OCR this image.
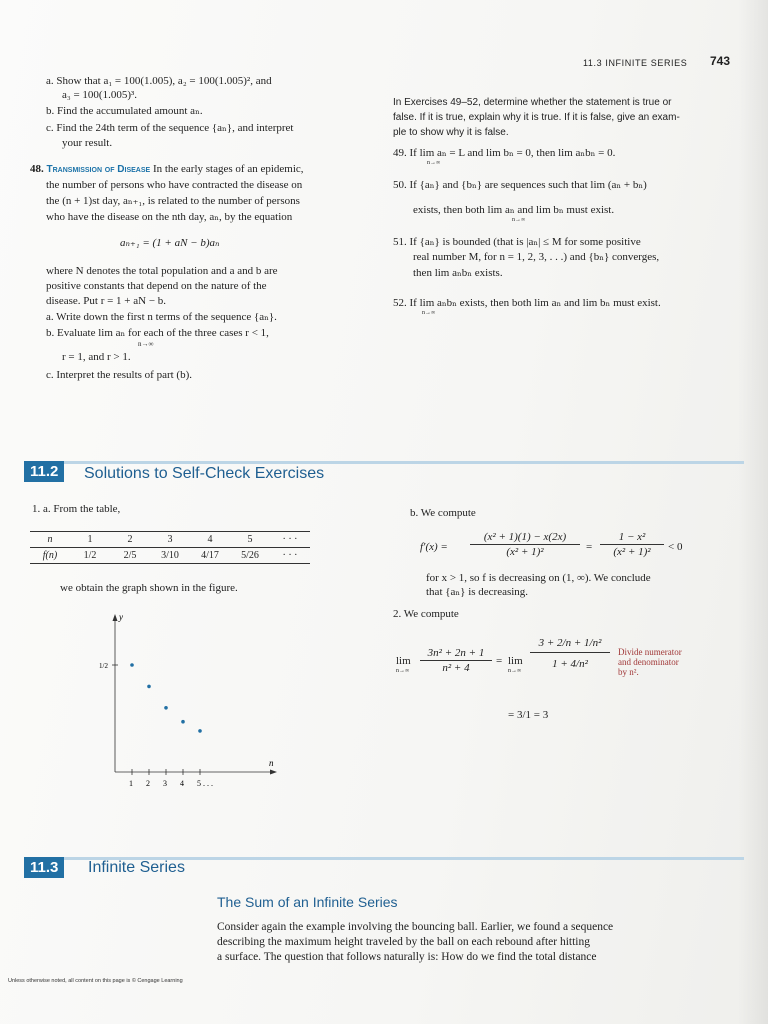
11.3 INFINITE SERIES 743
a. Show that a₁ = 100(1.005), a₂ = 100(1.005)², and
a₃ = 100(1.005)³.
b. Find the accumulated amount aₙ.
c. Find the 24th term of the sequence {aₙ}, and interpret
your result.
48. Transmission of Disease In the early stages of an epidemic,
the number of persons who have contracted the disease on
the (n + 1)st day, aₙ₊₁, is related to the number of persons
who have the disease on the nth day, aₙ, by the equation
aₙ₊₁ = (1 + aN − b)aₙ
where N denotes the total population and a and b are
positive constants that depend on the nature of the
disease. Put r = 1 + aN − b.
a. Write down the first n terms of the sequence {aₙ}.
b. Evaluate lim aₙ for each of the three cases r < 1,
n→∞
r = 1, and r > 1.
c. Interpret the results of part (b).
In Exercises 49–52, determine whether the statement is true or
false. If it is true, explain why it is true. If it is false, give an exam-
ple to show why it is false.
49. If lim aₙ = L and lim bₙ = 0, then lim aₙbₙ = 0.
n→∞
50. If {aₙ} and {bₙ} are sequences such that lim (aₙ + bₙ)
exists, then both lim aₙ and lim bₙ must exist.
n→∞
51. If {aₙ} is bounded (that is |aₙ| ≤ M for some positive
real number M, for n = 1, 2, 3, . . .) and {bₙ} converges,
then lim aₙbₙ exists.
52. If lim aₙbₙ exists, then both lim aₙ and lim bₙ must exist.
n→∞
11.2	Solutions to Self-Check Exercises
1. a. From the table,
n	1	2	3	4	5	· · ·
f(n)	1/2	2/5	3/10	4/17	5/26	· · ·
we obtain the graph shown in the figure.
y
n
1/2
1 2 3 4 5 . . .
b. We compute
f′(x) =
(x² + 1)(1) − x(2x)
(x² + 1)²	=
1 − x²
(x² + 1)²	< 0
for x > 1, so f is decreasing on (1, ∞). We conclude
that {aₙ} is decreasing.
2. We compute
lim
$n\to\infty \frac{\text{3n² + 2n + 1}}{\text{n² + 4}} = \lim$
$n\to\infty \frac{\text{3 + 2/n + 1/n²}}{\text{1 + 4/n²}}$ Divide numerator
and denominator
by n².
= 3/1 = 3
11.3	Infinite Series
The Sum of an Infinite Series
Consider again the example involving the bouncing ball. Earlier, we found a sequence
describing the maximum height traveled by the ball on each rebound after hitting
a surface. The question that follows naturally is: How do we find the total distance
Unless otherwise noted, all content on this page is © Cengage Learning
